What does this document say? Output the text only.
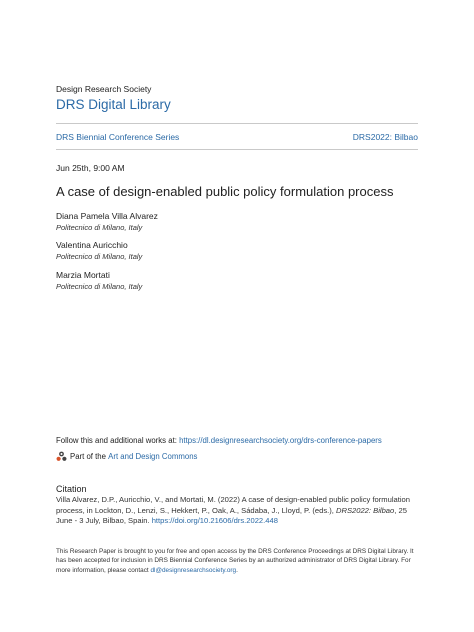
Design Research Society
DRS Digital Library
DRS Biennial Conference Series	DRS2022: Bilbao
Jun 25th, 9:00 AM
A case of design-enabled public policy formulation process
Diana Pamela Villa Alvarez
Politecnico di Milano, Italy
Valentina Auricchio
Politecnico di Milano, Italy
Marzia Mortati
Politecnico di Milano, Italy
Follow this and additional works at: https://dl.designresearchsociety.org/drs-conference-papers
Part of the
Art and Design Commons
Citation
Villa Alvarez, D.P., Auricchio, V., and Mortati, M. (2022) A case of design-enabled public policy formulation process, in Lockton, D., Lenzi, S., Hekkert, P., Oak, A., Sádaba, J., Lloyd, P. (eds.), DRS2022: Bilbao, 25 June - 3 July, Bilbao, Spain. https://doi.org/10.21606/drs.2022.448
This Research Paper is brought to you for free and open access by the DRS Conference Proceedings at DRS Digital Library. It has been accepted for inclusion in DRS Biennial Conference Series by an authorized administrator of DRS Digital Library. For more information, please contact dl@designresearchsociety.org.
